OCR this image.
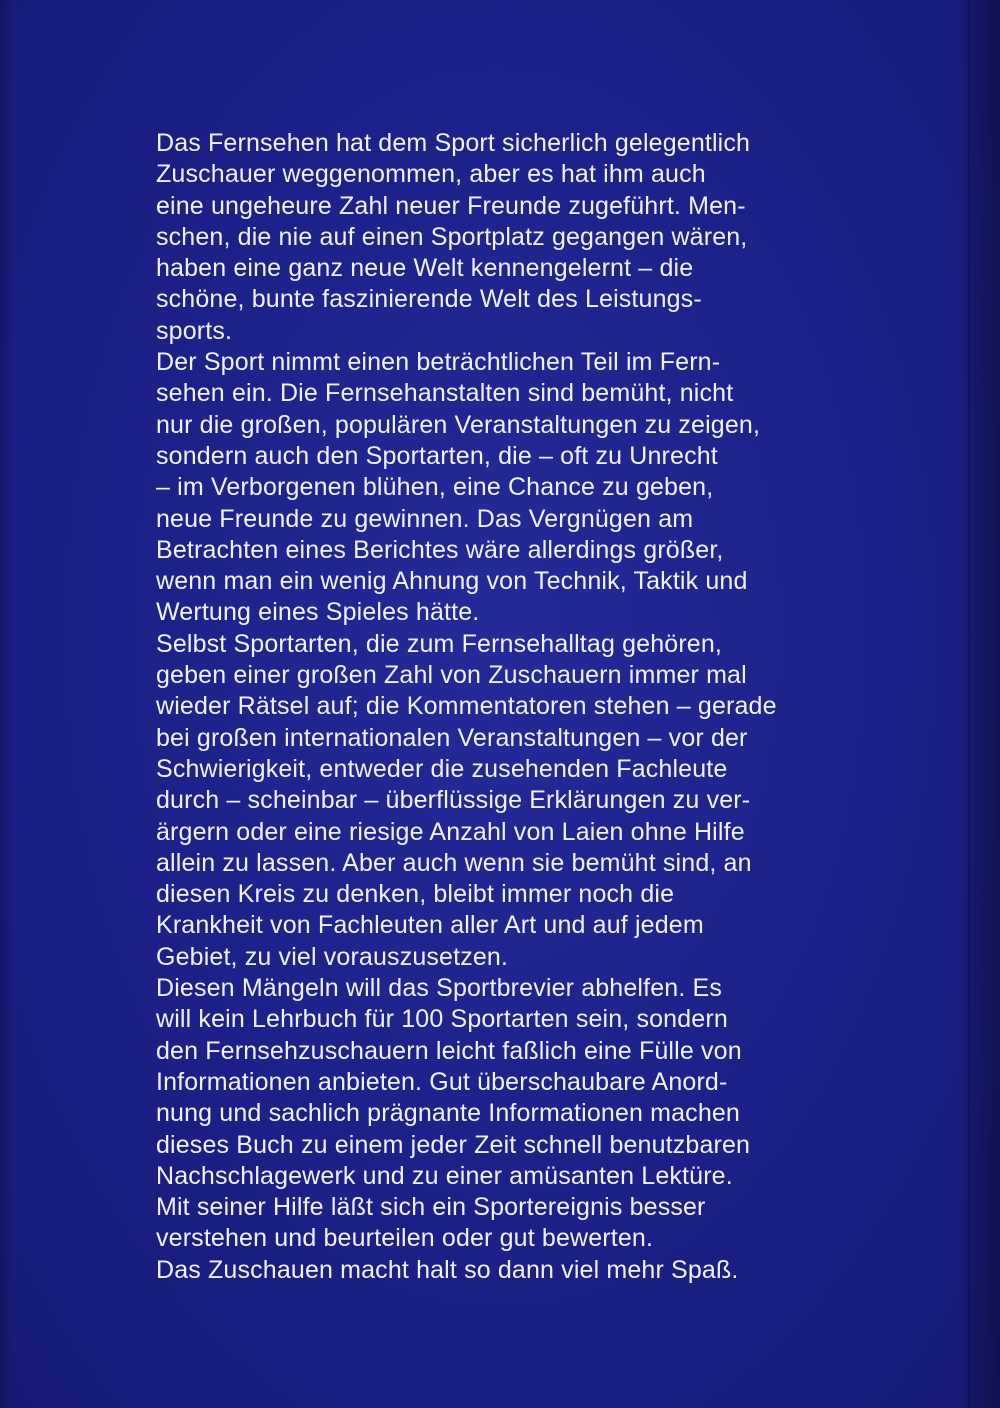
Das Fernsehen hat dem Sport sicherlich gelegentlich
Zuschauer weggenommen, aber es hat ihm auch
eine ungeheure Zahl neuer Freunde zugeführt. Men-
schen, die nie auf einen Sportplatz gegangen wären,
haben eine ganz neue Welt kennengelernt – die
schöne, bunte faszinierende Welt des Leistungs-
sports.
Der Sport nimmt einen beträchtlichen Teil im Fern-
sehen ein. Die Fernsehanstalten sind bemüht, nicht
nur die großen, populären Veranstaltungen zu zeigen,
sondern auch den Sportarten, die – oft zu Unrecht
– im Verborgenen blühen, eine Chance zu geben,
neue Freunde zu gewinnen. Das Vergnügen am
Betrachten eines Berichtes wäre allerdings größer,
wenn man ein wenig Ahnung von Technik, Taktik und
Wertung eines Spieles hätte.
Selbst Sportarten, die zum Fernsehalltag gehören,
geben einer großen Zahl von Zuschauern immer mal
wieder Rätsel auf; die Kommentatoren stehen – gerade
bei großen internationalen Veranstaltungen – vor der
Schwierigkeit, entweder die zusehenden Fachleute
durch – scheinbar – überflüssige Erklärungen zu ver-
ärgern oder eine riesige Anzahl von Laien ohne Hilfe
allein zu lassen. Aber auch wenn sie bemüht sind, an
diesen Kreis zu denken, bleibt immer noch die
Krankheit von Fachleuten aller Art und auf jedem
Gebiet, zu viel vorauszusetzen.
Diesen Mängeln will das Sportbrevier abhelfen. Es
will kein Lehrbuch für 100 Sportarten sein, sondern
den Fernsehzuschauern leicht faßlich eine Fülle von
Informationen anbieten. Gut überschaubare Anord-
nung und sachlich prägnante Informationen machen
dieses Buch zu einem jeder Zeit schnell benutzbaren
Nachschlagewerk und zu einer amüsanten Lektüre.
Mit seiner Hilfe läßt sich ein Sportereignis besser
verstehen und beurteilen oder gut bewerten.
Das Zuschauen macht halt so dann viel mehr Spaß.
